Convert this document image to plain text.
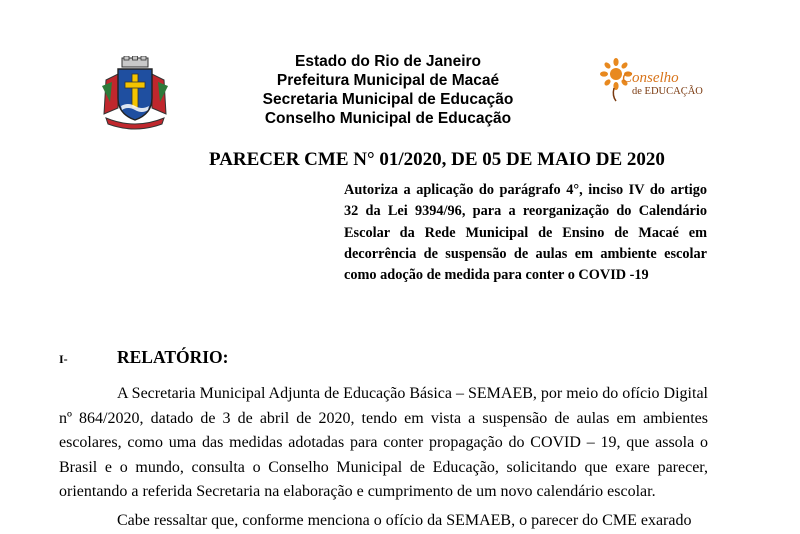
Estado do Rio de Janeiro
Prefeitura Municipal de Macaé
Secretaria Municipal de Educação
Conselho Municipal de Educação
Conselho
de EDUCAÇÃO
PARECER CME N° 01/2020, DE 05 DE MAIO DE 2020
Autoriza a aplicação do parágrafo 4°, inciso IV do artigo 32 da Lei 9394/96, para a reorganização do Calendário Escolar da Rede Municipal de Ensino de Macaé em decorrência de suspensão de aulas em ambiente escolar como adoção de medida para conter o COVID -19
I-	RELATÓRIO:
A Secretaria Municipal Adjunta de Educação Básica – SEMAEB, por meio do ofício Digital nº 864/2020, datado de 3 de abril de 2020, tendo em vista a suspensão de aulas em ambientes escolares, como uma das medidas adotadas para conter propagação do COVID – 19, que assola o Brasil e o mundo, consulta o Conselho Municipal de Educação, solicitando que exare parecer, orientando a referida Secretaria na elaboração e cumprimento de um novo calendário escolar.
Cabe ressaltar que, conforme menciona o ofício da SEMAEB, o parecer do CME exarado
